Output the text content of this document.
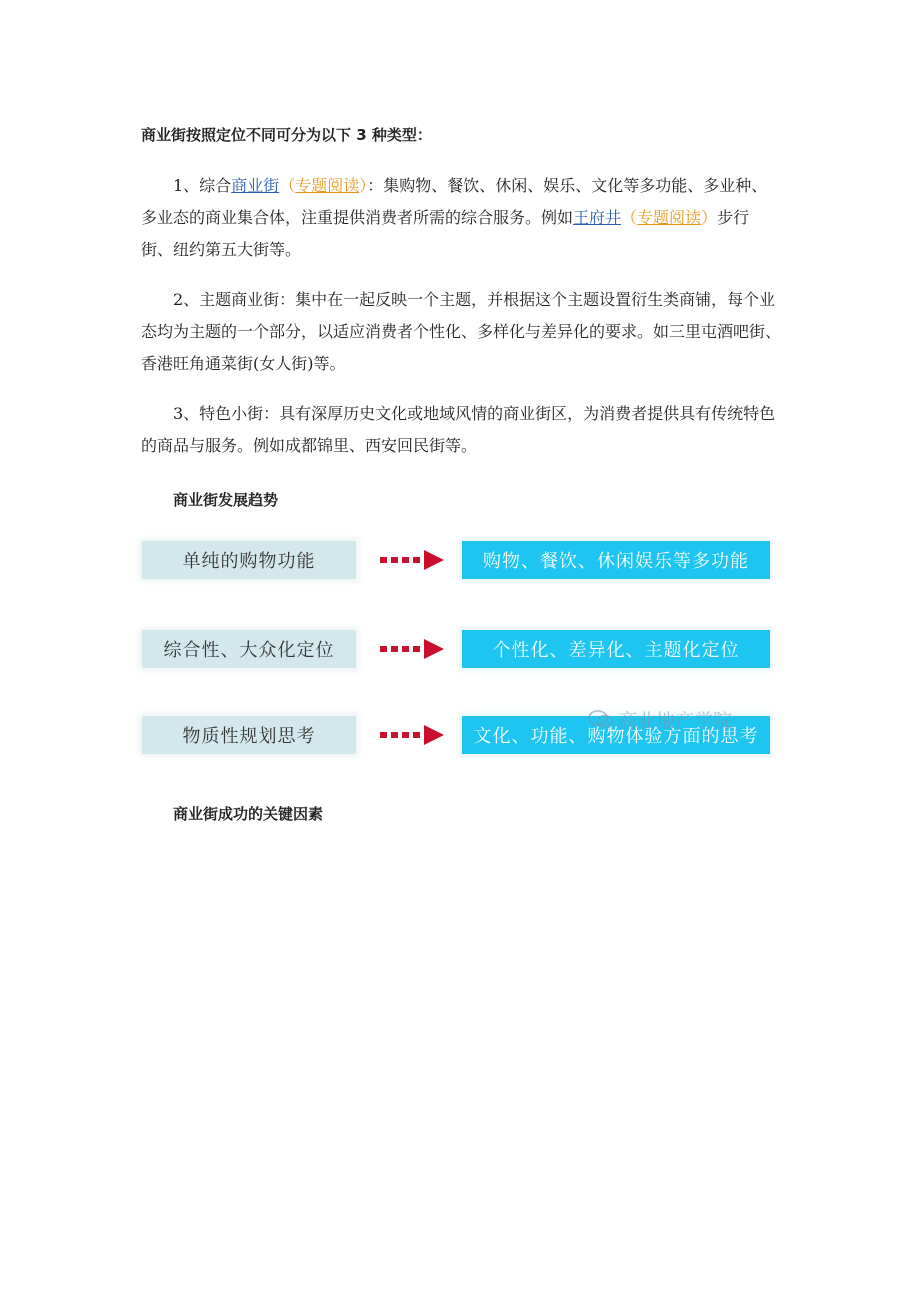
商业街按照定位不同可分为以下 3 种类型：
1、综合商业街（专题阅读）：集购物、餐饮、休闲、娱乐、文化等多功能、多业种、多业态的商业集合体，注重提供消费者所需的综合服务。例如王府井（专题阅读）步行街、纽约第五大街等。
2、主题商业街：集中在一起反映一个主题，并根据这个主题设置衍生类商铺，每个业态均为主题的一个部分，以适应消费者个性化、多样化与差异化的要求。如三里屯酒吧街、香港旺角通菜街(女人街)等。
3、特色小街：具有深厚历史文化或地域风情的商业街区，为消费者提供具有传统特色的商品与服务。例如成都锦里、西安回民街等。
商业街发展趋势
单纯的购物功能	购物、餐饮、休闲娱乐等多功能
综合性、大众化定位	个性化、差异化、主题化定位
物质性规划思考	文化、功能、购物体验方面的思考
商业地产学院
商业街成功的关键因素
